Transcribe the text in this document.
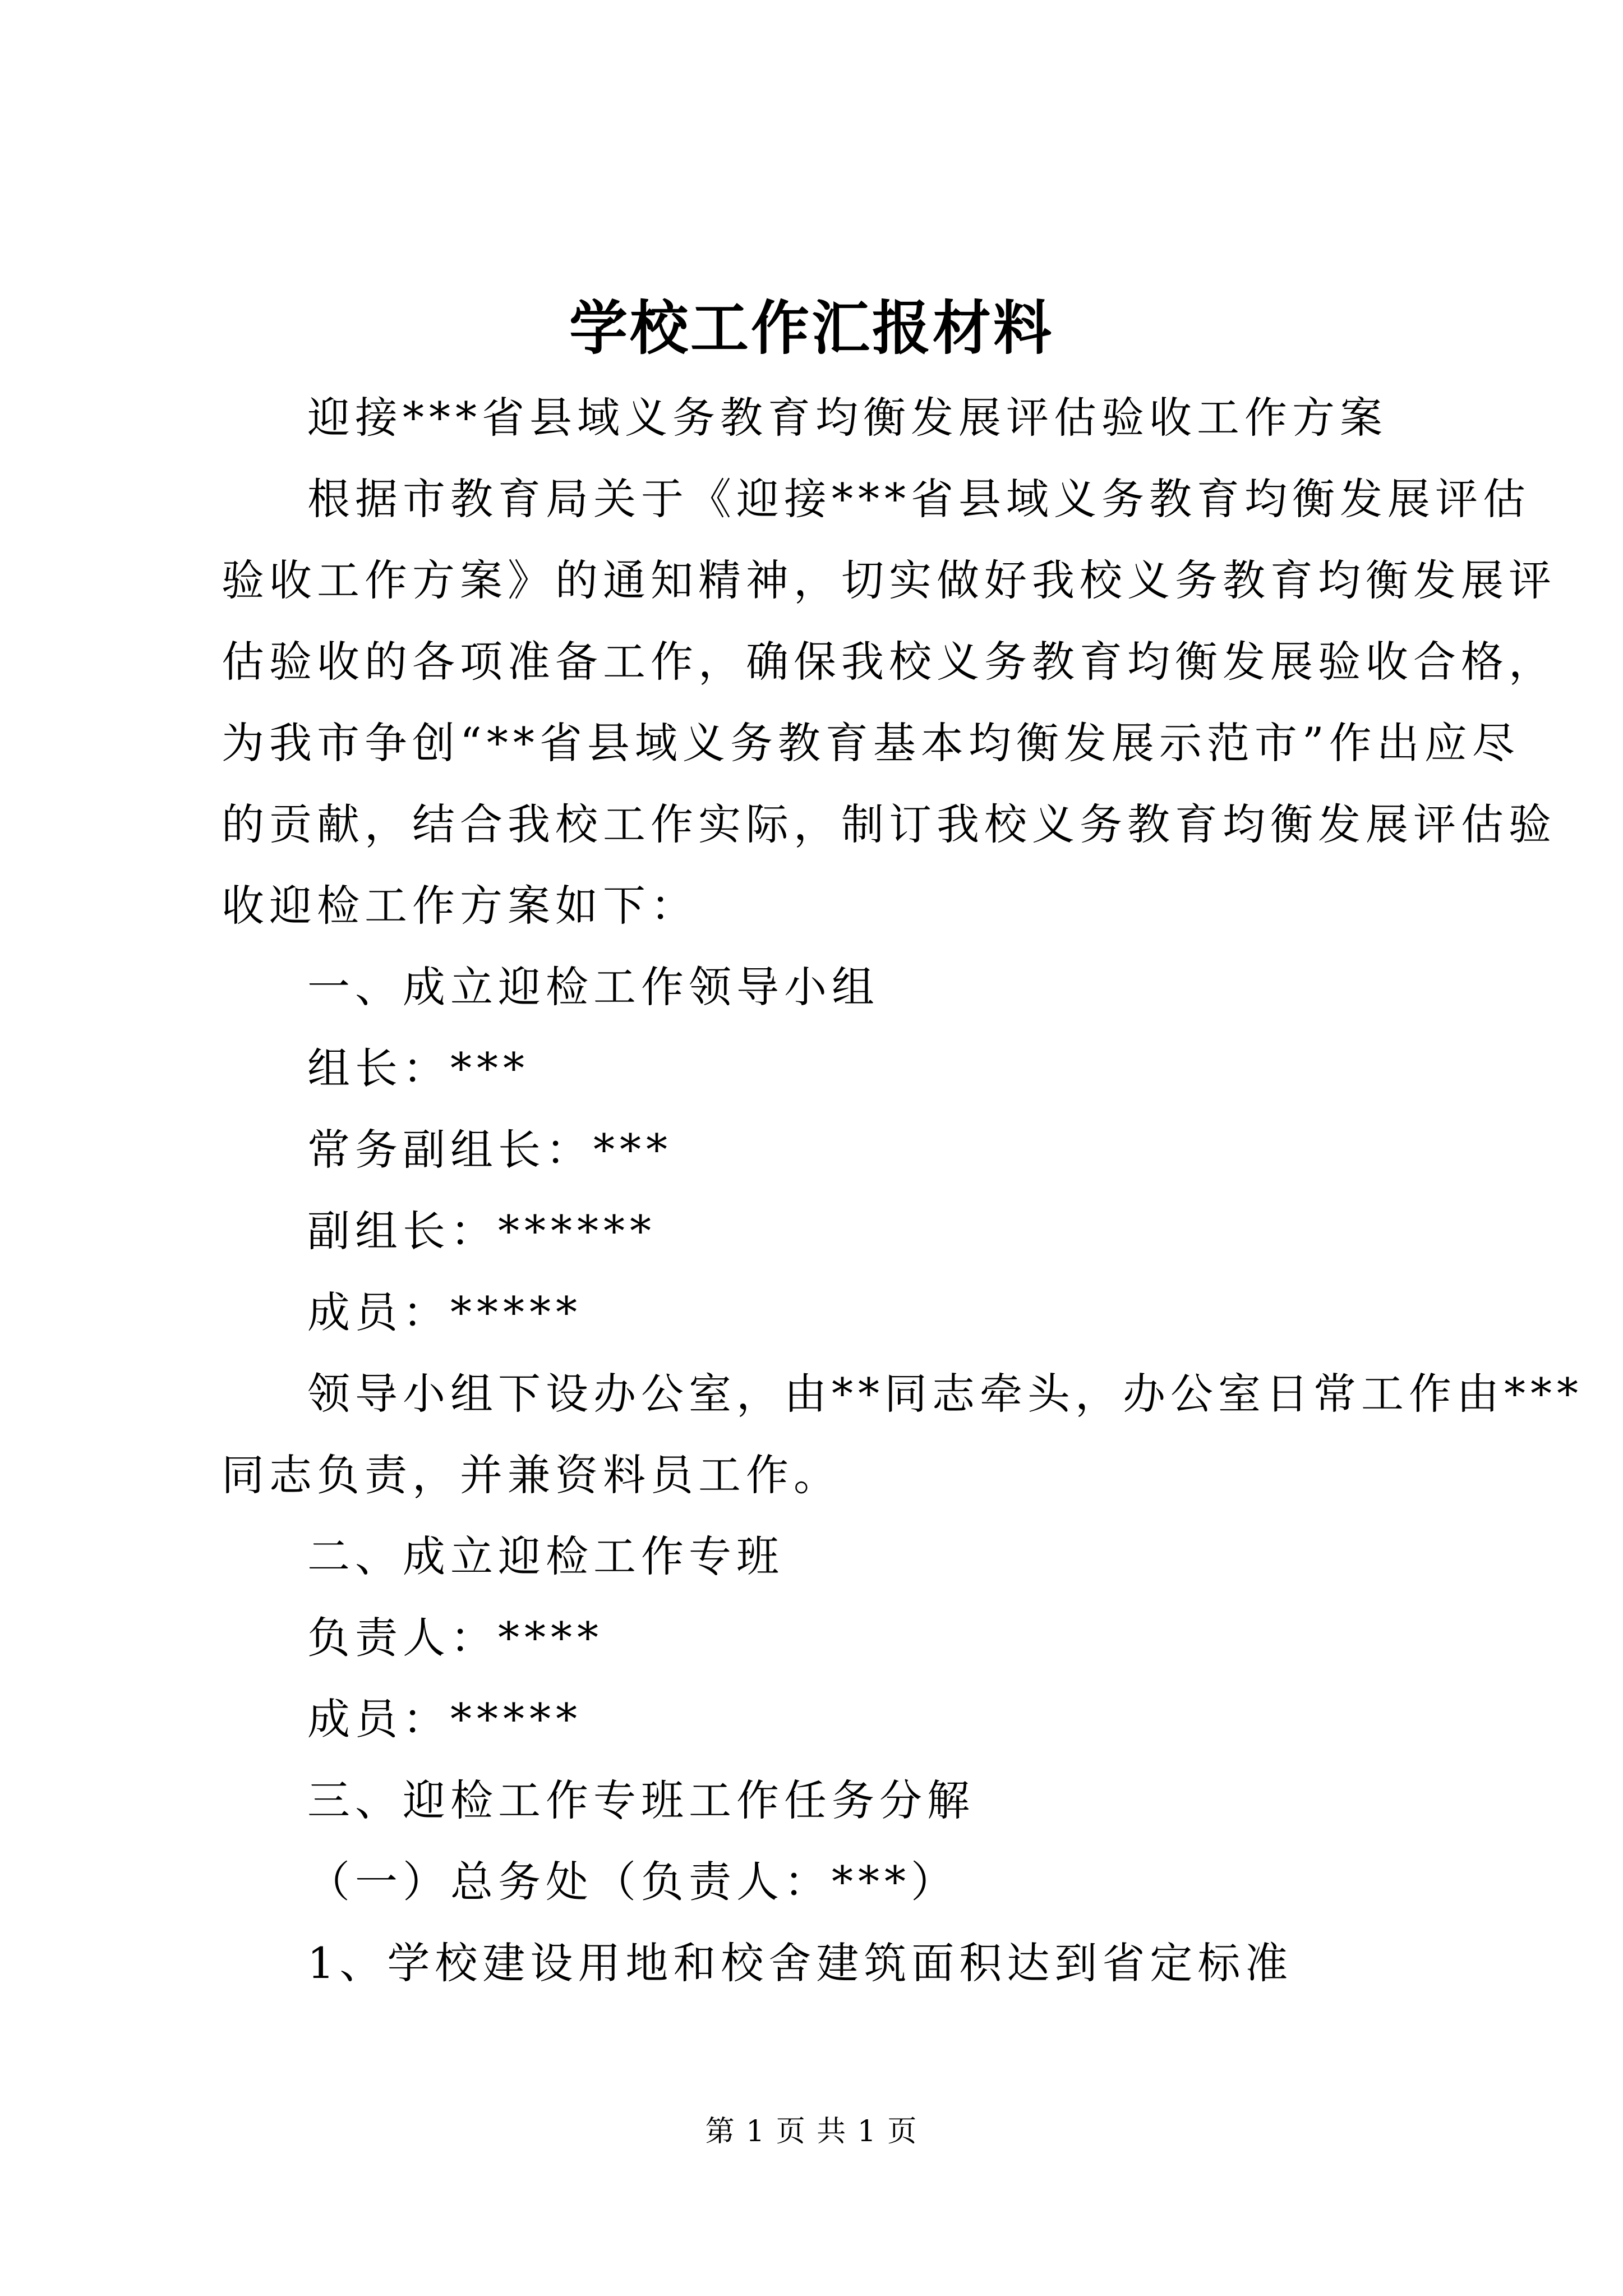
学校工作汇报材料
迎接***省县域义务教育均衡发展评估验收工作方案
根据市教育局关于《迎接***省县域义务教育均衡发展评估
验收工作方案》的通知精神，切实做好我校义务教育均衡发展评
估验收的各项准备工作，确保我校义务教育均衡发展验收合格，
为我市争创“**省县域义务教育基本均衡发展示范市”作出应尽
的贡献，结合我校工作实际，制订我校义务教育均衡发展评估验
收迎检工作方案如下：
一、成立迎检工作领导小组
组长：***
常务副组长：***
副组长：******
成员：*****
领导小组下设办公室，由**同志牵头，办公室日常工作由***
同志负责，并兼资料员工作。
二、成立迎检工作专班
负责人：****
成员：*****
三、迎检工作专班工作任务分解
（一）总务处（负责人：***）
1、学校建设用地和校舍建筑面积达到省定标准
第 1 页 共 1 页
